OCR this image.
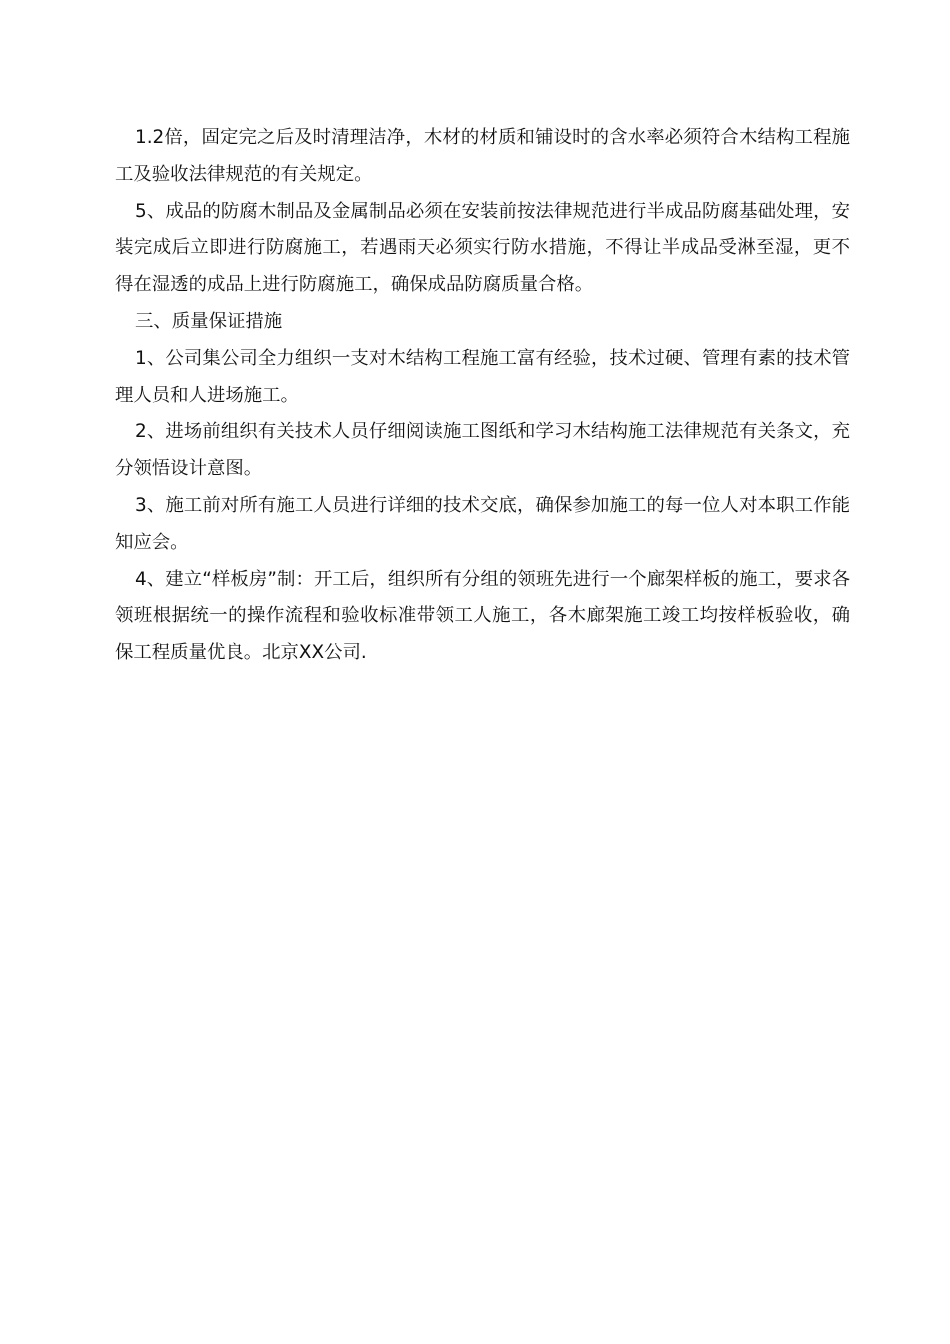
1.2倍，固定完之后及时清理洁净，木材的材质和铺设时的含水率必须符合木结构工程施工及验收法律规范的有关规定。

5、成品的防腐木制品及金属制品必须在安装前按法律规范进行半成品防腐基础处理，安装完成后立即进行防腐施工，若遇雨天必须实行防水措施，不得让半成品受淋至湿，更不得在湿透的成品上进行防腐施工，确保成品防腐质量合格。

三、质量保证措施

1、公司集公司全力组织一支对木结构工程施工富有经验，技术过硬、管理有素的技术管理人员和人进场施工。

2、进场前组织有关技术人员仔细阅读施工图纸和学习木结构施工法律规范有关条文，充分领悟设计意图。

3、施工前对所有施工人员进行详细的技术交底，确保参加施工的每一位人对本职工作能知应会。

4、建立“样板房”制：开工后，组织所有分组的领班先进行一个廊架样板的施工，要求各领班根据统一的操作流程和验收标准带领工人施工，各木廊架施工竣工均按样板验收，确保工程质量优良。北京XX公司.
